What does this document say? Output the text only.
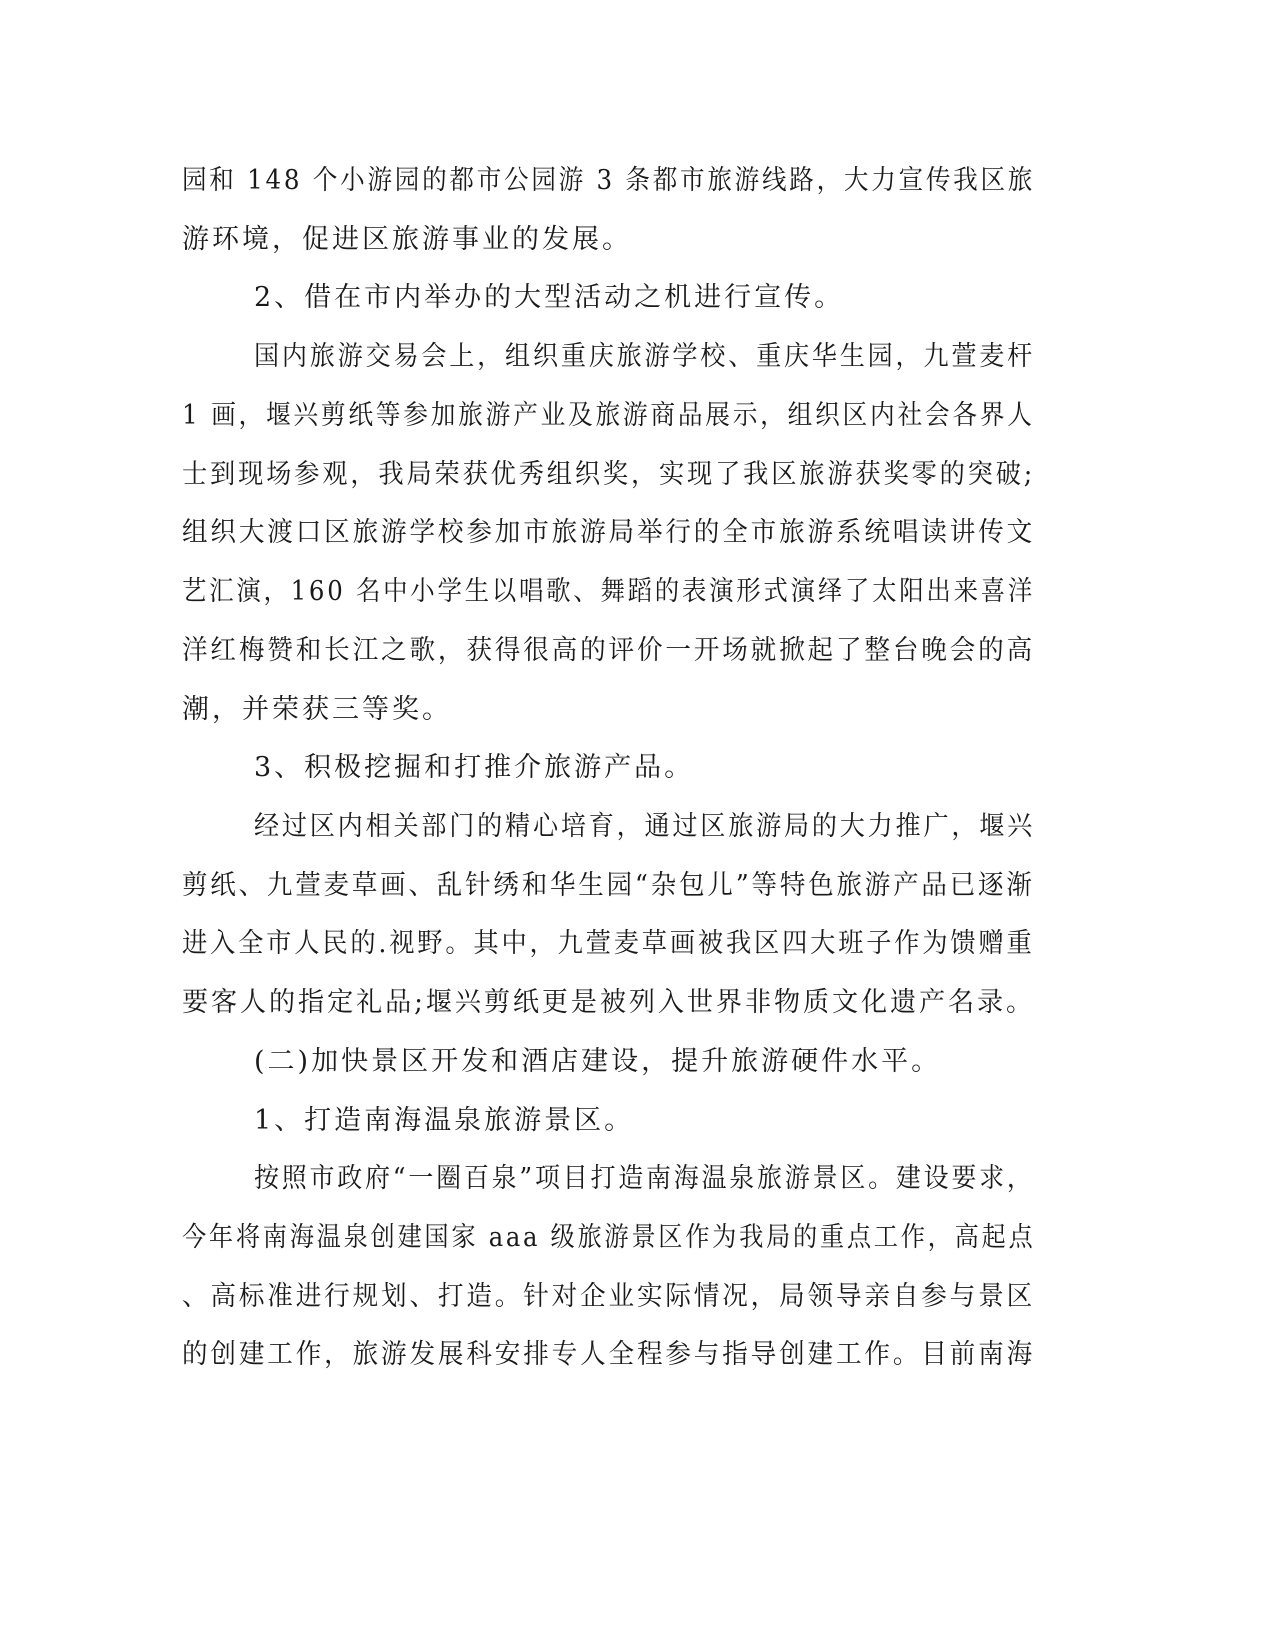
园和 148 个小游园的都市公园游 3 条都市旅游线路，大力宣传我区旅
游环境，促进区旅游事业的发展。
2、借在市内举办的大型活动之机进行宣传。
国内旅游交易会上，组织重庆旅游学校、重庆华生园，九萱麦杆
1 画，堰兴剪纸等参加旅游产业及旅游商品展示，组织区内社会各界人
士到现场参观，我局荣获优秀组织奖，实现了我区旅游获奖零的突破;
组织大渡口区旅游学校参加市旅游局举行的全市旅游系统唱读讲传文
艺汇演，160 名中小学生以唱歌、舞蹈的表演形式演绎了太阳出来喜洋
洋红梅赞和长江之歌，获得很高的评价一开场就掀起了整台晚会的高
潮，并荣获三等奖。
3、积极挖掘和打推介旅游产品。
经过区内相关部门的精心培育，通过区旅游局的大力推广，堰兴
剪纸、九萱麦草画、乱针绣和华生园“杂包儿”等特色旅游产品已逐渐
进入全市人民的.视野。其中，九萱麦草画被我区四大班子作为馈赠重
要客人的指定礼品;堰兴剪纸更是被列入世界非物质文化遗产名录。
(二)加快景区开发和酒店建设，提升旅游硬件水平。
1、打造南海温泉旅游景区。
按照市政府“一圈百泉”项目打造南海温泉旅游景区。建设要求，
今年将南海温泉创建国家 aaa 级旅游景区作为我局的重点工作，高起点
、高标准进行规划、打造。针对企业实际情况，局领导亲自参与景区
的创建工作，旅游发展科安排专人全程参与指导创建工作。目前南海
